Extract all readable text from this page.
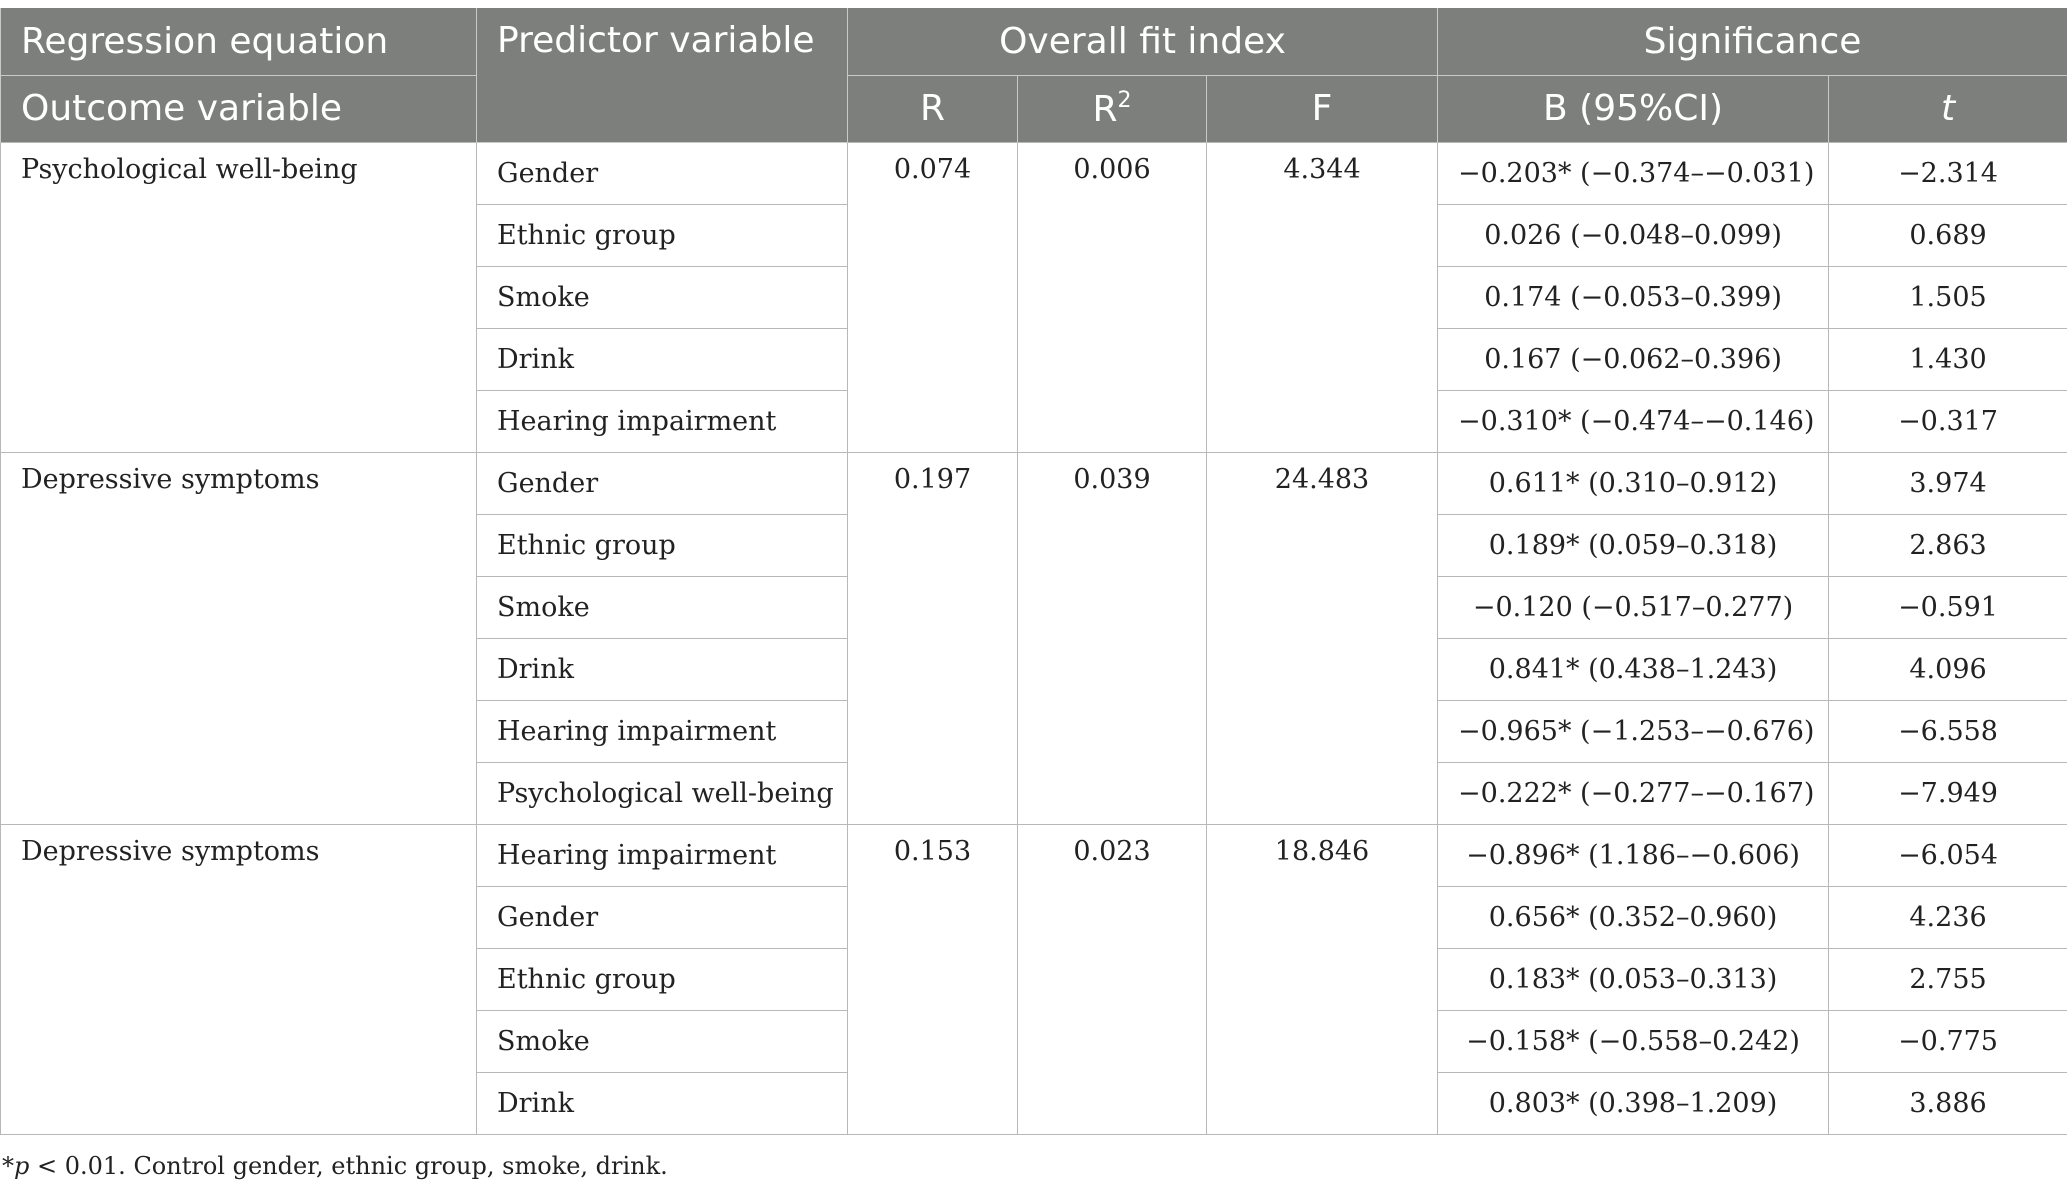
Regression equation	Predictor variable	Overall fit index			Significance	
Outcome variable		R	$R^2$	F	B (95%CI)	t
Psychological well-being	Gender	0.074	0.006	4.344	−0.203* (−0.374–−0.031)	−2.314
	Ethnic group				0.026 (−0.048–0.099)	0.689
	Smoke				0.174 (−0.053–0.399)	1.505
	Drink				0.167 (−0.062–0.396)	1.430
	Hearing impairment				−0.310* (−0.474–−0.146)	−0.317
Depressive symptoms	Gender	0.197	0.039	24.483	0.611* (0.310–0.912)	3.974
	Ethnic group				0.189* (0.059–0.318)	2.863
	Smoke				−0.120 (−0.517–0.277)	−0.591
	Drink				0.841* (0.438–1.243)	4.096
	Hearing impairment				−0.965* (−1.253–−0.676)	−6.558
	Psychological well-being				−0.222* (−0.277–−0.167)	−7.949
Depressive symptoms	Hearing impairment	0.153	0.023	18.846	−0.896* (1.186–−0.606)	−6.054
	Gender				0.656* (0.352–0.960)	4.236
	Ethnic group				0.183* (0.053–0.313)	2.755
	Smoke				−0.158* (−0.558–0.242)	−0.775
	Drink				0.803* (0.398–1.209)	3.886
*p < 0.01. Control gender, ethnic group, smoke, drink.
